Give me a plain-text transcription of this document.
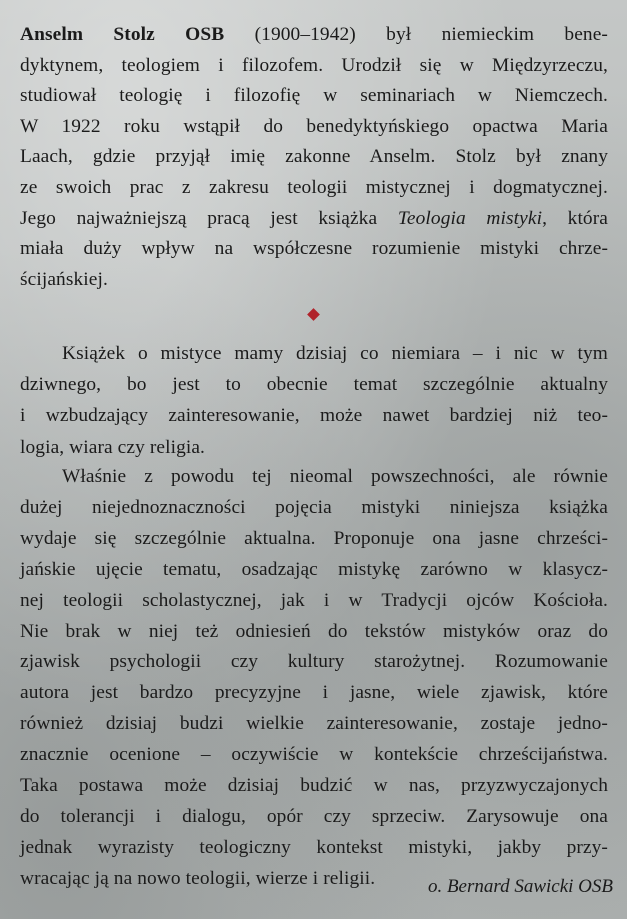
Anselm Stolz OSB (1900–1942) był niemieckim bene-
dyktynem, teologiem i filozofem. Urodził się w Międzyrzeczu,
studiował teologię i filozofię w seminariach w Niemczech.
W 1922 roku wstąpił do benedyktyńskiego opactwa Maria
Laach, gdzie przyjął imię zakonne Anselm. Stolz był znany
ze swoich prac z zakresu teologii mistycznej i dogmatycznej.
Jego najważniejszą pracą jest książka Teologia mistyki, która
miała duży wpływ na współczesne rozumienie mistyki chrze-
ścijańskiej.
Książek o mistyce mamy dzisiaj co niemiara – i nic w tym
dziwnego, bo jest to obecnie temat szczególnie aktualny
i wzbudzający zainteresowanie, może nawet bardziej niż teo-
logia, wiara czy religia.
Właśnie z powodu tej nieomal powszechności, ale równie
dużej niejednoznaczności pojęcia mistyki niniejsza książka
wydaje się szczególnie aktualna. Proponuje ona jasne chrześci-
jańskie ujęcie tematu, osadzając mistykę zarówno w klasycz-
nej teologii scholastycznej, jak i w Tradycji ojców Kościoła.
Nie brak w niej też odniesień do tekstów mistyków oraz do
zjawisk psychologii czy kultury starożytnej. Rozumowanie
autora jest bardzo precyzyjne i jasne, wiele zjawisk, które
również dzisiaj budzi wielkie zainteresowanie, zostaje jedno-
znacznie ocenione – oczywiście w kontekście chrześcijaństwa.
Taka postawa może dzisiaj budzić w nas, przyzwyczajonych
do tolerancji i dialogu, opór czy sprzeciw. Zarysowuje ona
jednak wyrazisty teologiczny kontekst mistyki, jakby przy-
wracając ją na nowo teologii, wierze i religii.	o. Bernard Sawicki OSB
